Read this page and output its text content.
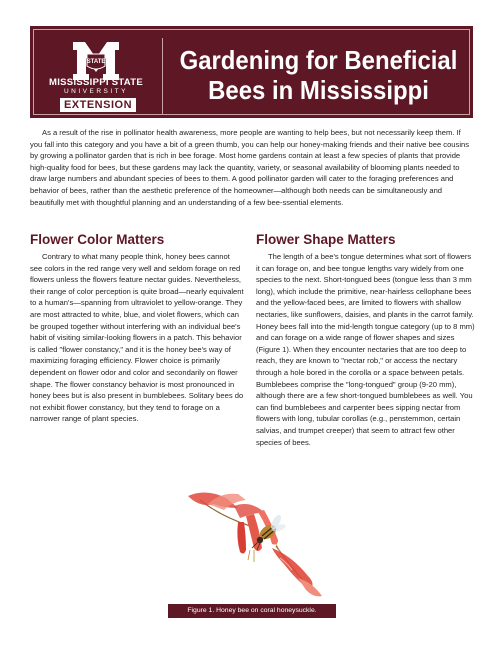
STATE
MISSISSIPPI STATE
UNIVERSITY
EXTENSION
Gardening for Beneficial Bees in Mississippi

As a result of the rise in pollinator health awareness, more people are wanting to help bees, but not necessarily keep them. If you fall into this category and you have a bit of a green thumb, you can help our honey-making friends and their native bee cousins by growing a pollinator garden that is rich in bee forage. Most home gardens contain at least a few species of plants that provide high-quality food for bees, but these gardens may lack the quantity, variety, or seasonal availability of blooming plants needed to draw large numbers and abundant species of bees to them. A good pollinator garden will cater to the foraging preferences and behavior of bees, rather than the aesthetic preference of the homeowner—although both needs can be simultaneously and beautifully met with thoughtful planning and an understanding of a few bee-ssential elements.

Flower Color Matters

Contrary to what many people think, honey bees cannot see colors in the red range very well and seldom forage on red flowers unless the flowers feature nectar guides. Nevertheless, their range of color perception is quite broad—nearly equivalent to a human's—spanning from ultraviolet to yellow-orange. They are most attracted to white, blue, and violet flowers, which can be grouped together without interfering with an individual bee's habit of visiting similar-looking flowers in a patch. This behavior is called "flower constancy," and it is the honey bee's way of maximizing foraging efficiency. Flower choice is primarily dependent on flower odor and color and secondarily on flower shape. The flower constancy behavior is most pronounced in honey bees but is also present in bumblebees. Solitary bees do not exhibit flower constancy, but they tend to forage on a narrower range of plant species.

Flower Shape Matters

The length of a bee's tongue determines what sort of flowers it can forage on, and bee tongue lengths vary widely from one species to the next. Short-tongued bees (tongue less than 3 mm long), which include the primitive, near-hairless cellophane bees and the yellow-faced bees, are limited to flowers with shallow nectaries, like sunflowers, daisies, and plants in the carrot family. Honey bees fall into the mid-length tongue category (up to 8 mm) and can forage on a wide range of flower shapes and sizes (Figure 1). When they encounter nectaries that are too deep to reach, they are known to "nectar rob," or access the nectary through a hole bored in the corolla or a space between petals. Bumblebees comprise the "long-tongued" group (9-20 mm), although there are a few short-tongued bumblebees as well. You can find bumblebees and carpenter bees sipping nectar from flowers with long, tubular corollas (e.g., penstemmon, certain salvias, and trumpet creeper) that seem to attract few other species of bees.

Figure 1. Honey bee on coral honeysuckle.
